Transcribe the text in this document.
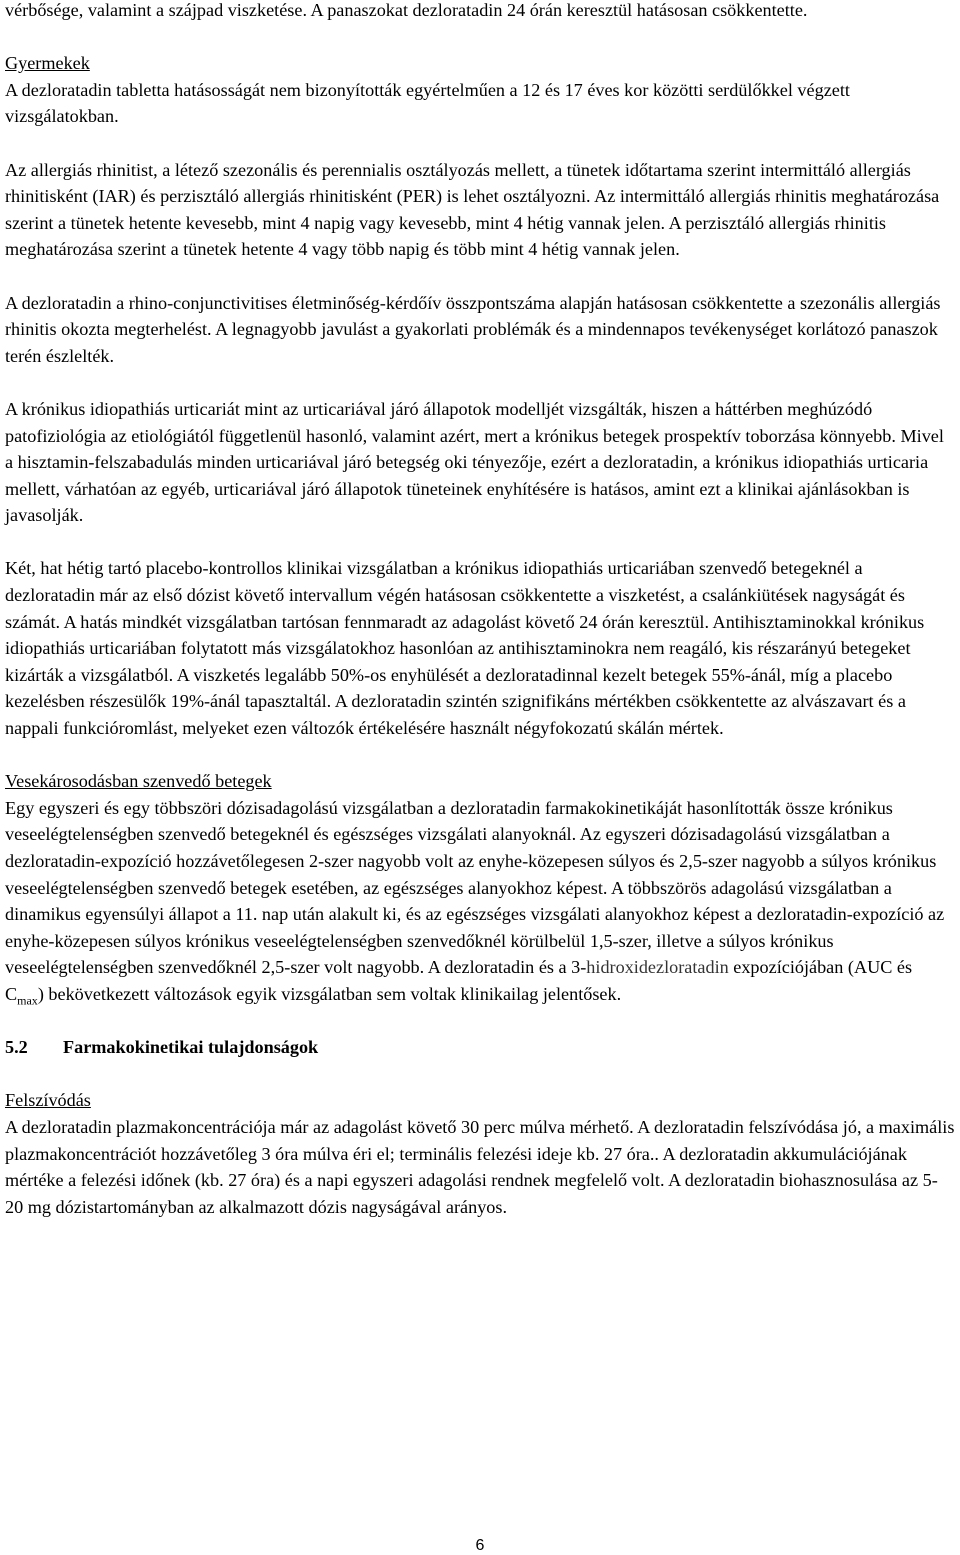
vérbősége, valamint a szájpad viszketése. A panaszokat dezloratadin 24 órán keresztül hatásosan csökkentette.

Gyermekek
A dezloratadin tabletta hatásosságát nem bizonyították egyértelműen a 12 és 17 éves kor közötti serdülőkkel végzett vizsgálatokban.

Az allergiás rhinitist, a létező szezonális és perennialis osztályozás mellett, a tünetek időtartama szerint intermittáló allergiás rhinitisként (IAR) és perzisztáló allergiás rhinitisként (PER) is lehet osztályozni. Az intermittáló allergiás rhinitis meghatározása szerint a tünetek hetente kevesebb, mint 4 napig vagy kevesebb, mint 4 hétig vannak jelen. A perzisztáló allergiás rhinitis meghatározása szerint a tünetek hetente 4 vagy több napig és több mint 4 hétig vannak jelen.

A dezloratadin a rhino-conjunctivitises életminőség-kérdőív összpontszáma alapján hatásosan csökkentette a szezonális allergiás rhinitis okozta megterhelést. A legnagyobb javulást a gyakorlati problémák és a mindennapos tevékenységet korlátozó panaszok terén észlelték.

A krónikus idiopathiás urticariát mint az urticariával járó állapotok modelljét vizsgálták, hiszen a háttérben meghúzódó patofiziológia az etiológiától függetlenül hasonló, valamint azért, mert a krónikus betegek prospektív toborzása könnyebb. Mivel a hisztamin-felszabadulás minden urticariával járó betegség oki tényezője, ezért a dezloratadin, a krónikus idiopathiás urticaria mellett, várhatóan az egyéb, urticariával járó állapotok tüneteinek enyhítésére is hatásos, amint ezt a klinikai ajánlásokban is javasolják.

Két, hat hétig tartó placebo-kontrollos klinikai vizsgálatban a krónikus idiopathiás urticariában szenvedő betegeknél a dezloratadin már az első dózist követő intervallum végén hatásosan csökkentette a viszketést, a csalánkiütések nagyságát és számát. A hatás mindkét vizsgálatban tartósan fennmaradt az adagolást követő 24 órán keresztül. Antihisztaminokkal krónikus idiopathiás urticariában folytatott más vizsgálatokhoz hasonlóan az antihisztaminokra nem reagáló, kis részarányú betegeket kizárták a vizsgálatból. A viszketés legalább 50%-os enyhülését a dezloratadinnal kezelt betegek 55%-ánál, míg a placebo kezelésben részesülők 19%-ánál tapasztaltál. A dezloratadin szintén szignifikáns mértékben csökkentette az alvászavart és a nappali funkcióromlást, melyeket ezen változók értékelésére használt négyfokozatú skálán mértek.

Vesekárosodásban szenvedő betegek
Egy egyszeri és egy többszöri dózisadagolású vizsgálatban a dezloratadin farmakokinetikáját hasonlították össze krónikus veseelégtelenségben szenvedő betegeknél és egészséges vizsgálati alanyoknál. Az egyszeri dózisadagolású vizsgálatban a dezloratadin-expozíció hozzávetőlegesen 2-szer nagyobb volt az enyhe-közepesen súlyos és 2,5-szer nagyobb a súlyos krónikus veseelégtelenségben szenvedő betegek esetében, az egészséges alanyokhoz képest. A többszörös adagolású vizsgálatban a dinamikus egyensúlyi állapot a 11. nap után alakult ki, és az egészséges vizsgálati alanyokhoz képest a dezloratadin-expozíció az enyhe-közepesen súlyos krónikus veseelégtelenségben szenvedőknél körülbelül 1,5-szer, illetve a súlyos krónikus veseelégtelenségben szenvedőknél 2,5-szer volt nagyobb. A dezloratadin és a 3-hidroxidezloratadin expozíciójában (AUC és $C_{max}$) bekövetkezett változások egyik vizsgálatban sem voltak klinikailag jelentősek.

5.2 Farmakokinetikai tulajdonságok

Felszívódás
A dezloratadin plazmakoncentrációja már az adagolást követő 30 perc múlva mérhető. A dezloratadin felszívódása jó, a maximális plazmakoncentrációt hozzávetőleg 3 óra múlva éri el; terminális felezési ideje kb. 27 óra.. A dezloratadin akkumulációjának mértéke a felezési időnek (kb. 27 óra) és a napi egyszeri adagolási rendnek megfelelő volt. A dezloratadin biohasznosulása az 5-20 mg dózistartományban az alkalmazott dózis nagyságával arányos.

6
